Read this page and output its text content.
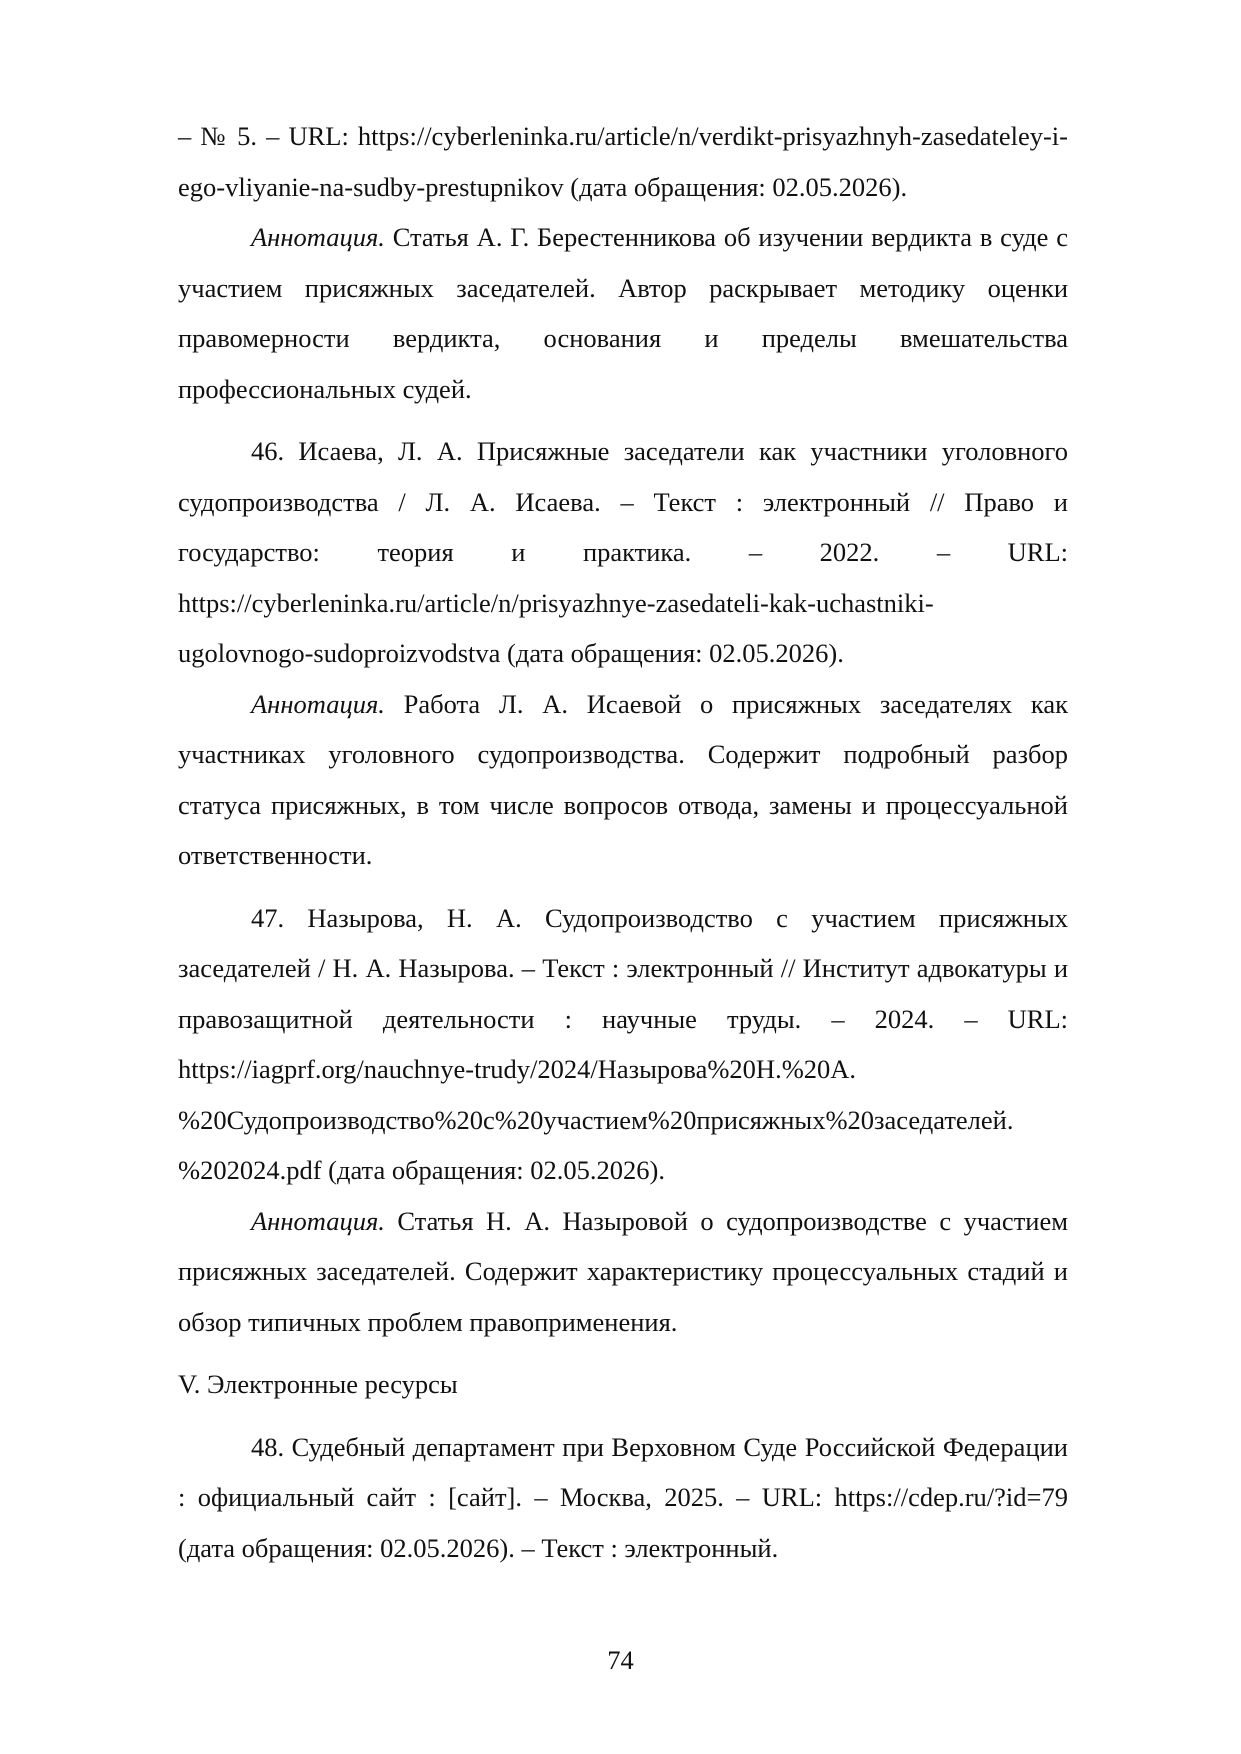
– № 5. – URL: https://cyberleninka.ru/article/n/verdikt-prisyazhnyh-zasedateley-i-

ego-vliyanie-na-sudby-prestupnikov (дата обращения: 02.05.2026).

Аннотация. Статья А. Г. Берестенникова об изучении вердикта в суде с участием присяжных заседателей. Автор раскрывает методику оценки правомерности вердикта, основания и пределы вмешательства профессиональных судей.

46. Исаева, Л. А. Присяжные заседатели как участники уголовного судопроизводства / Л. А. Исаева. – Текст : электронный // Право и государство: теория и практика. – 2022. – URL: https://cyberleninka.ru/article/n/prisyazhnye-zasedateli-kak-uchastniki-ugolovnogo-sudoproizvodstva (дата обращения: 02.05.2026).

Аннотация. Работа Л. А. Исаевой о присяжных заседателях как участниках уголовного судопроизводства. Содержит подробный разбор статуса присяжных, в том числе вопросов отвода, замены и процессуальной ответственности.

47. Назырова, Н. А. Судопроизводство с участием присяжных заседателей / Н. А. Назырова. – Текст : электронный // Институт адвокатуры и правозащитной деятельности : научные труды. – 2024. – URL:

https://iagprf.org/nauchnye-trudy/2024/Назырова%20Н.%20А.

%20Судопроизводство%20с%20участием%20присяжных%20заседателей.

%202024.pdf (дата обращения: 02.05.2026).

Аннотация. Статья Н. А. Назыровой о судопроизводстве с участием присяжных заседателей. Содержит характеристику процессуальных стадий и обзор типичных проблем правоприменения.

V. Электронные ресурсы

48. Судебный департамент при Верховном Суде Российской Федерации : официальный сайт : [сайт]. – Москва, 2025. – URL: https://cdep.ru/?id=79 (дата обращения: 02.05.2026). – Текст : электронный.

74
